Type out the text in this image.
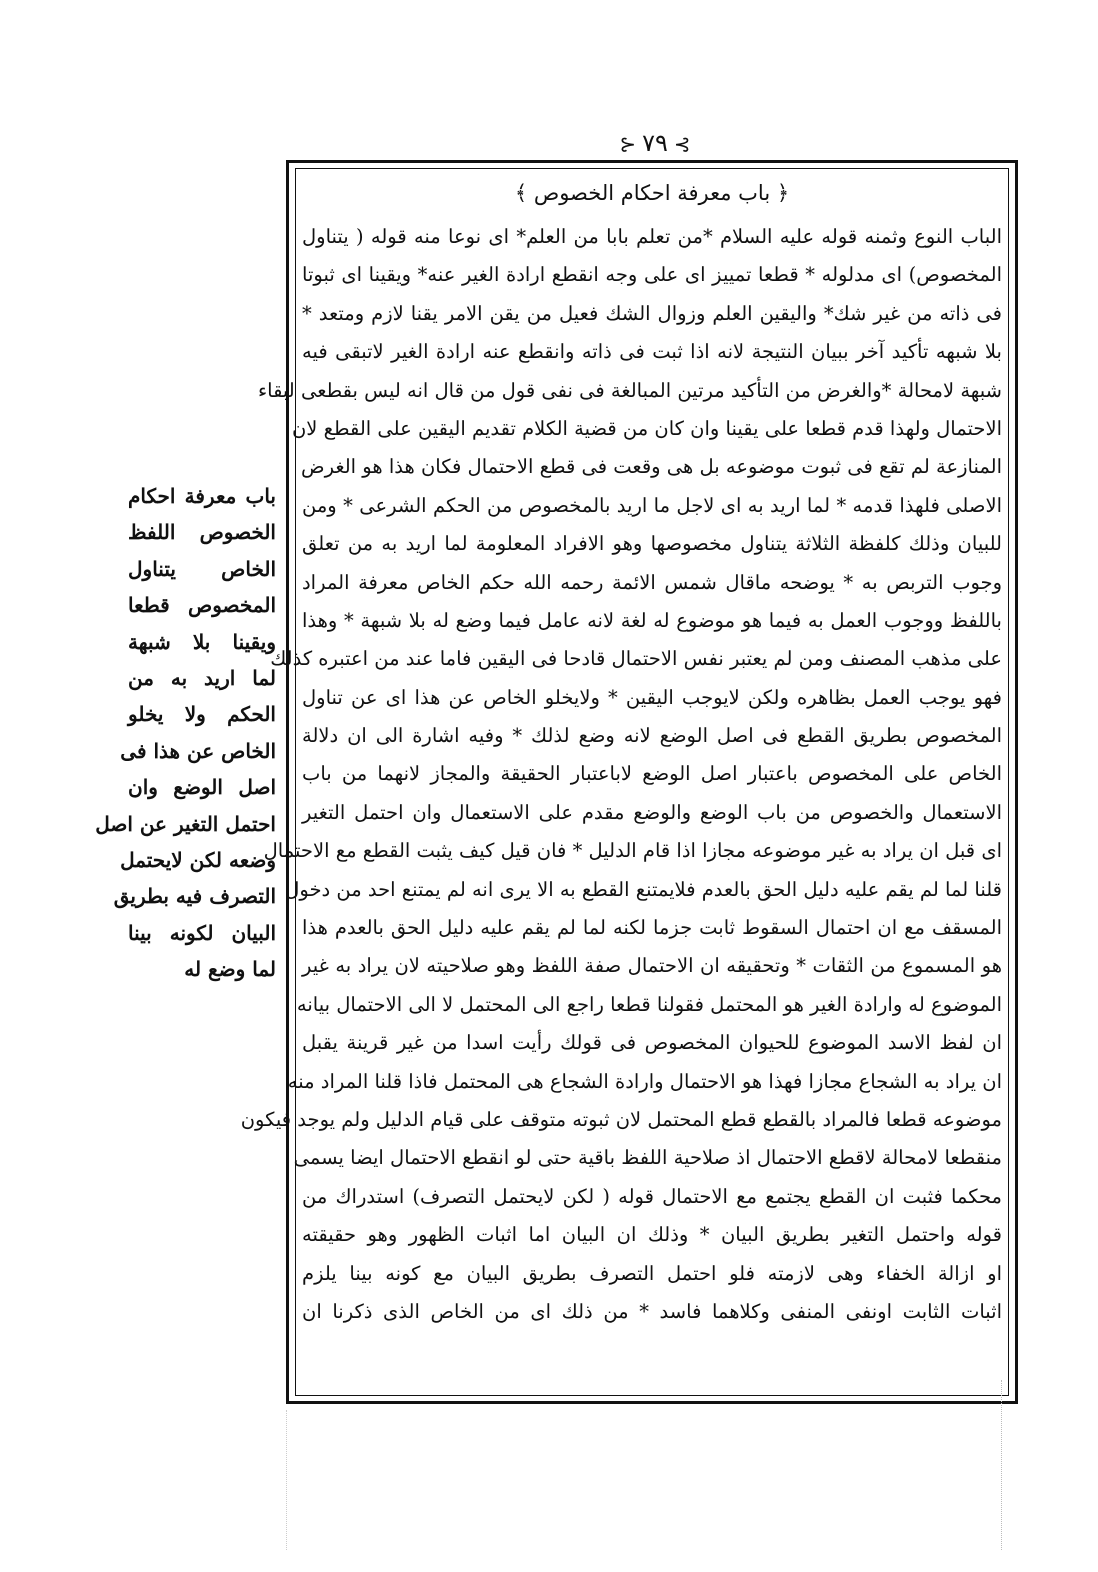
⊱ ٧٩ ⊰
﴿ باب معرفة احكام الخصوص ﴾
الباب النوع وثمنه قوله عليه السلام *من تعلم بابا من العلم* اى نوعا منه قوله ( يتناول
المخصوص) اى مدلوله * قطعا تمييز اى على وجه انقطع ارادة الغير عنه* ويقينا اى ثبوتا
فى ذاته من غير شك* واليقين العلم وزوال الشك فعيل من يقن الامر يقنا لازم ومتعد *
بلا شبهه تأكيد آخر ببيان النتيجة لانه اذا ثبت فى ذاته وانقطع عنه ارادة الغير لاتبقى فيه
شبهة لامحالة *والغرض من التأكيد مرتين المبالغة فى نفى قول من قال انه ليس بقطعى لبقاء
الاحتمال ولهذا قدم قطعا على يقينا وان كان من قضية الكلام تقديم اليقين على القطع لان
المنازعة لم تقع فى ثبوت موضوعه بل هى وقعت فى قطع الاحتمال فكان هذا هو الغرض
الاصلى فلهذا قدمه * لما اريد به اى لاجل ما اريد بالمخصوص من الحكم الشرعى * ومن
للبيان وذلك كلفظة الثلاثة يتناول مخصوصها وهو الافراد المعلومة لما اريد به من تعلق
وجوب التربص به * يوضحه ماقال شمس الائمة رحمه الله حكم الخاص معرفة المراد
باللفظ ووجوب العمل به فيما هو موضوع له لغة لانه عامل فيما وضع له بلا شبهة * وهذا
على مذهب المصنف ومن لم يعتبر نفس الاحتمال قادحا فى اليقين فاما عند من اعتبره كذلك
فهو يوجب العمل بظاهره ولكن لايوجب اليقين * ولايخلو الخاص عن هذا اى عن تناول
المخصوص بطريق القطع فى اصل الوضع لانه وضع لذلك * وفيه اشارة الى ان دلالة
الخاص على المخصوص باعتبار اصل الوضع لاباعتبار الحقيقة والمجاز لانهما من باب
الاستعمال والخصوص من باب الوضع والوضع مقدم على الاستعمال وان احتمل التغير
اى قبل ان يراد به غير موضوعه مجازا اذا قام الدليل * فان قيل كيف يثبت القطع مع الاحتمال
قلنا لما لم يقم عليه دليل الحق بالعدم فلايمتنع القطع به الا يرى انه لم يمتنع احد من دخول
المسقف مع ان احتمال السقوط ثابت جزما لكنه لما لم يقم عليه دليل الحق بالعدم هذا
هو المسموع من الثقات * وتحقيقه ان الاحتمال صفة اللفظ وهو صلاحيته لان يراد به غير
الموضوع له وارادة الغير هو المحتمل فقولنا قطعا راجع الى المحتمل لا الى الاحتمال بيانه
ان لفظ الاسد الموضوع للحيوان المخصوص فى قولك رأيت اسدا من غير قرينة يقبل
ان يراد به الشجاع مجازا فهذا هو الاحتمال وارادة الشجاع هى المحتمل فاذا قلنا المراد منه
موضوعه قطعا فالمراد بالقطع قطع المحتمل لان ثبوته متوقف على قيام الدليل ولم يوجد فيكون
منقطعا لامحالة لاقطع الاحتمال اذ صلاحية اللفظ باقية حتى لو انقطع الاحتمال ايضا يسمى
محكما فثبت ان القطع يجتمع مع الاحتمال قوله ( لكن لايحتمل التصرف) استدراك من
قوله واحتمل التغير بطريق البيان * وذلك ان البيان اما اثبات الظهور وهو حقيقته
او ازالة الخفاء وهى لازمته فلو احتمل التصرف بطريق البيان مع كونه بينا يلزم
اثبات الثابت اونفى المنفى وكلاهما فاسد * من ذلك اى من الخاص الذى ذكرنا ان
باب معرفة احكام
الخصوص اللفظ
الخاص يتناول
المخصوص قطعا
ويقينا بلا شبهة
لما اريد به من
الحكم ولا يخلو
الخاص عن هذا فى
اصل الوضع وان
احتمل التغير عن اصل
وضعه لكن لايحتمل
التصرف فيه بطريق
البيان لكونه بينا
لما وضع له
